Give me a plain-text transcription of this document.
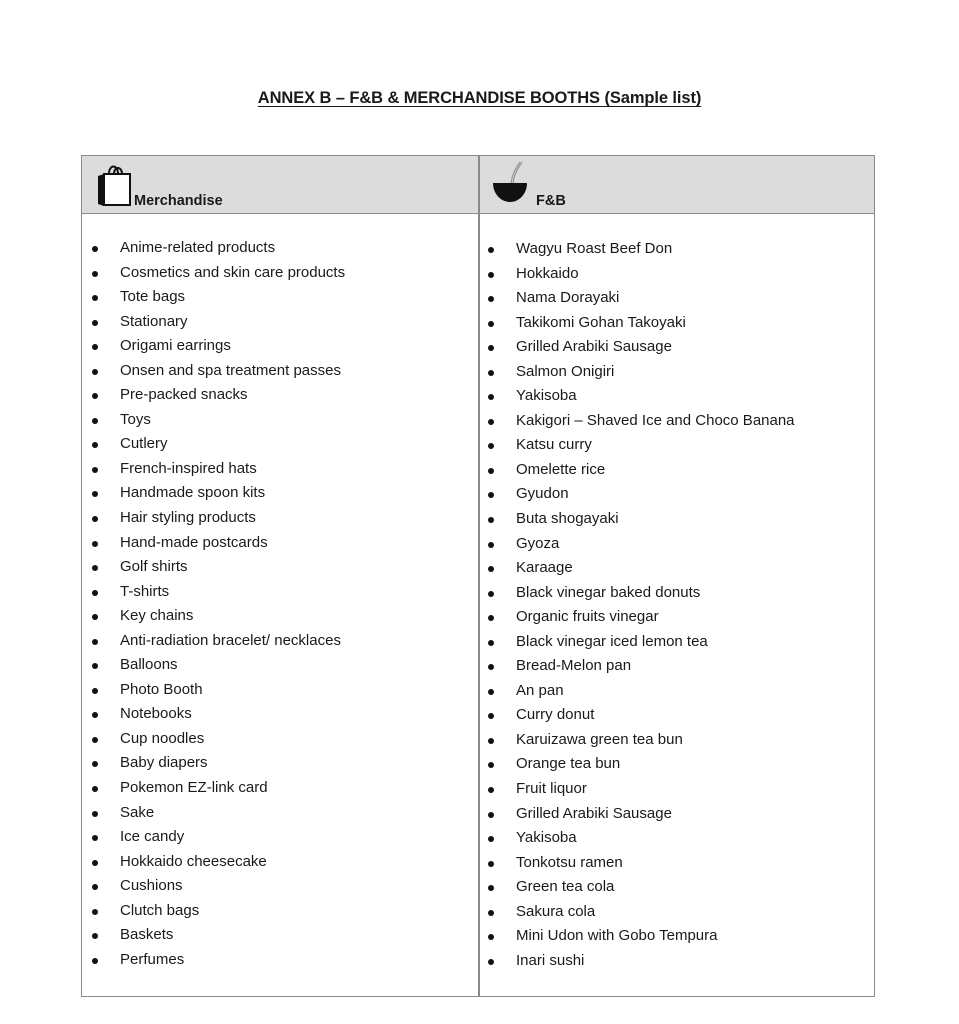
ANNEX B – F&B & MERCHANDISE BOOTHS (Sample list)
Merchandise	F&B
Anime-related products
Cosmetics and skin care products
Tote bags
Stationary
Origami earrings
Onsen and spa treatment passes
Pre-packed snacks
Toys
Cutlery
French-inspired hats
Handmade spoon kits
Hair styling products
Hand-made postcards
Golf shirts
T-shirts
Key chains
Anti-radiation bracelet/ necklaces
Balloons
Photo Booth
Notebooks
Cup noodles
Baby diapers
Pokemon EZ-link card
Sake
Ice candy
Hokkaido cheesecake
Cushions
Clutch bags
Baskets
Perfumes
Wagyu Roast Beef Don
Hokkaido
Nama Dorayaki
Takikomi Gohan Takoyaki
Grilled Arabiki Sausage
Salmon Onigiri
Yakisoba
Kakigori – Shaved Ice and Choco Banana
Katsu curry
Omelette rice
Gyudon
Buta shogayaki
Gyoza
Karaage
Black vinegar baked donuts
Organic fruits vinegar
Black vinegar iced lemon tea
Bread-Melon pan
An pan
Curry donut
Karuizawa green tea bun
Orange tea bun
Fruit liquor
Grilled Arabiki Sausage
Yakisoba
Tonkotsu ramen
Green tea cola
Sakura cola
Mini Udon with Gobo Tempura
Inari sushi
